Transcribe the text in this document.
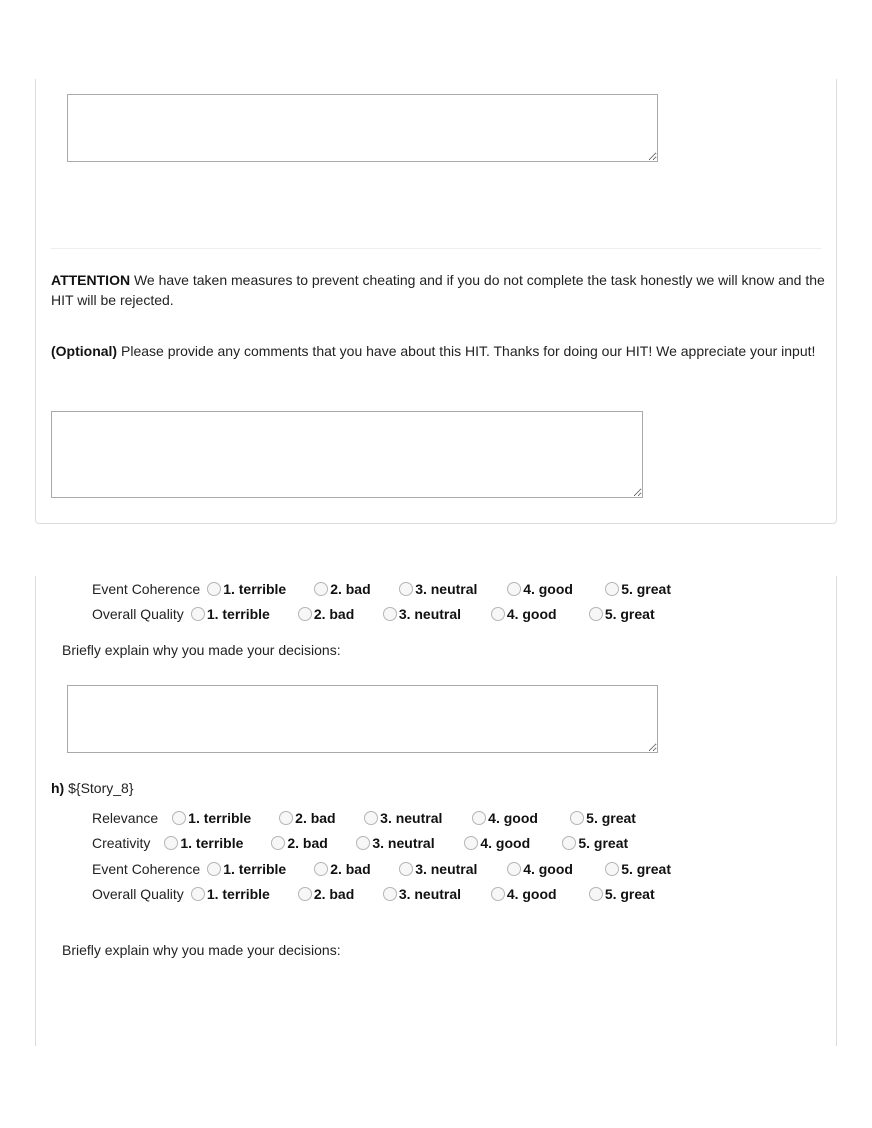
ATTENTION We have taken measures to prevent cheating and if you do not complete the task honestly we will know and the HIT will be rejected.

(Optional) Please provide any comments that you have about this HIT. Thanks for doing our HIT! We appreciate your input!

Event Coherence 1. terrible	2. bad	3. neutral	4. good	5. great
Overall Quality 1. terrible	2. bad	3. neutral	4. good	5. great

Briefly explain why you made your decisions:

h) ${Story_8}

Relevance 1. terrible	2. bad	3. neutral	4. good	5. great
Creativity 1. terrible	2. bad	3. neutral	4. good	5. great
Event Coherence 1. terrible	2. bad	3. neutral	4. good	5. great
Overall Quality 1. terrible	2. bad	3. neutral	4. good	5. great

Briefly explain why you made your decisions:
